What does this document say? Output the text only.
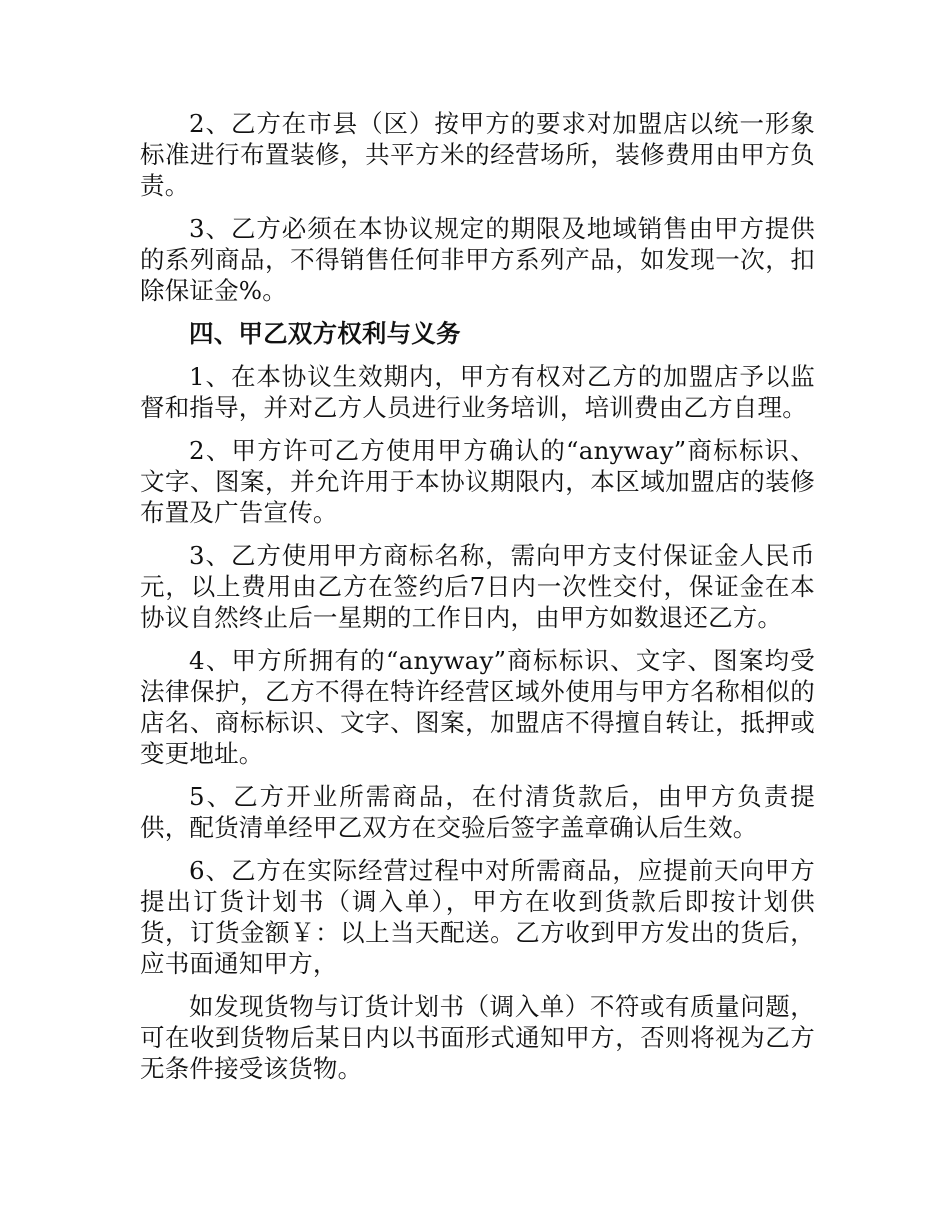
2、乙方在市县（区）按甲方的要求对加盟店以统一形象标准进行布置装修，共平方米的经营场所，装修费用由甲方负责。

3、乙方必须在本协议规定的期限及地域销售由甲方提供的系列商品，不得销售任何非甲方系列产品，如发现一次，扣除保证金%。

四、甲乙双方权利与义务

1、在本协议生效期内，甲方有权对乙方的加盟店予以监督和指导，并对乙方人员进行业务培训，培训费由乙方自理。

2、甲方许可乙方使用甲方确认的“anyway”商标标识、文字、图案，并允许用于本协议期限内，本区域加盟店的装修布置及广告宣传。

3、乙方使用甲方商标名称，需向甲方支付保证金人民币元，以上费用由乙方在签约后7日内一次性交付，保证金在本协议自然终止后一星期的工作日内，由甲方如数退还乙方。

4、甲方所拥有的“anyway”商标标识、文字、图案均受法律保护，乙方不得在特许经营区域外使用与甲方名称相似的店名、商标标识、文字、图案，加盟店不得擅自转让，抵押或变更地址。

5、乙方开业所需商品，在付清货款后，由甲方负责提供，配货清单经甲乙双方在交验后签字盖章确认后生效。

6、乙方在实际经营过程中对所需商品，应提前天向甲方提出订货计划书（调入单），甲方在收到货款后即按计划供货，订货金额￥：以上当天配送。乙方收到甲方发出的货后，应书面通知甲方，

如发现货物与订货计划书（调入单）不符或有质量问题，可在收到货物后某日内以书面形式通知甲方，否则将视为乙方无条件接受该货物。
